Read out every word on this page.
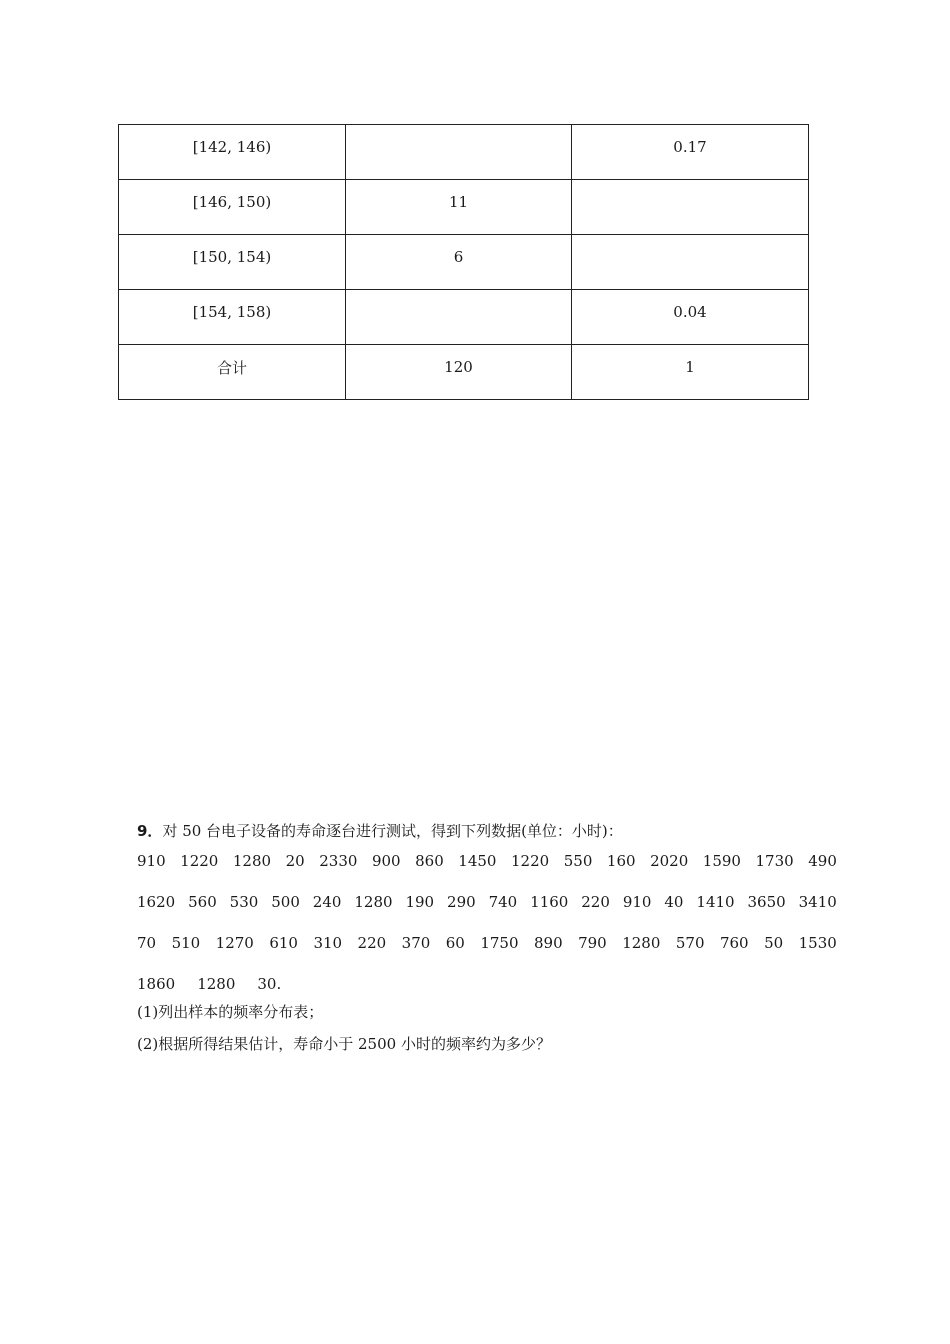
[142, 146)		0.17
[146, 150)	11	
[150, 154)	6	
[154, 158)		0.04
合计	120	1
9．对 50 台电子设备的寿命逐台进行测试，得到下列数据(单位：小时)：
910 1220 1280 20 2330 900 860 1450 1220 550 160 2020 1590 1730 490
1620 560 530 500 240 1280 190 290 740 1160 220 910 40 1410 3650 3410
70 510 1270 610 310 220 370 60 1750 890 790 1280 570 760 50 1530
1860 1280 30.
(1)列出样本的频率分布表；
(2)根据所得结果估计，寿命小于 2500 小时的频率约为多少？
